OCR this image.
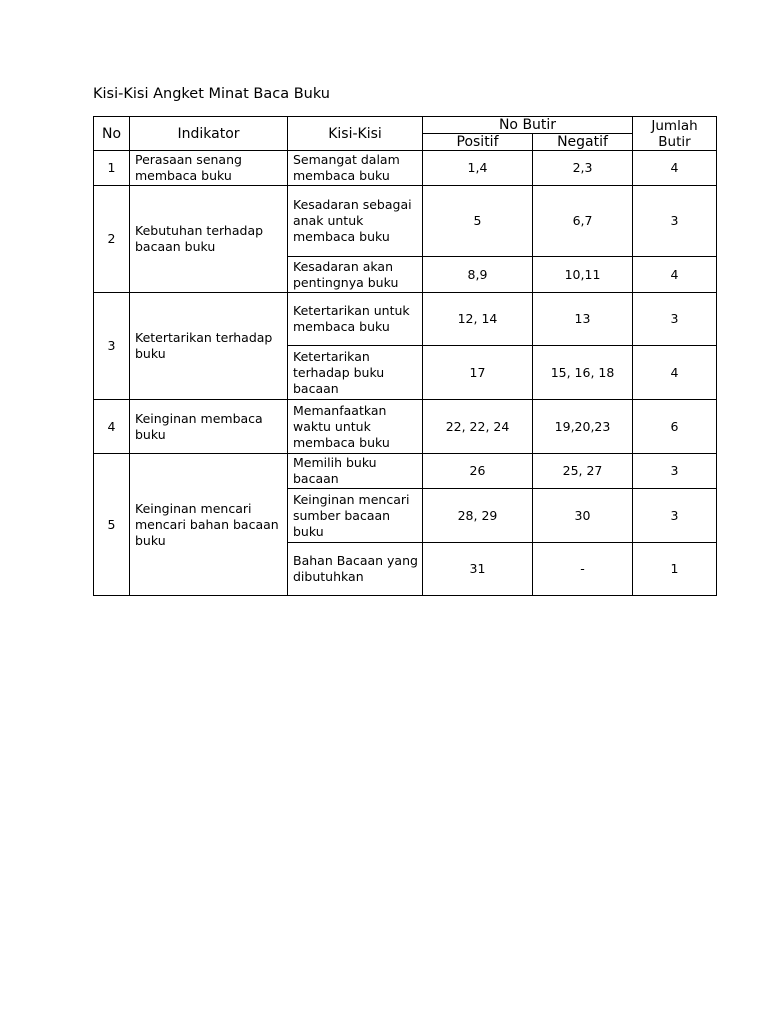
Kisi-Kisi Angket Minat Baca Buku
No	Indikator	Kisi-Kisi	No Butir		Jumlah Butir
			Positif	Negatif	
1	Perasaan senang membaca buku	Semangat dalam membaca buku	1,4	2,3	4
2	Kebutuhan terhadap bacaan buku	Kesadaran sebagai anak untuk membaca buku	5	6,7	3
		Kesadaran akan pentingnya buku	8,9	10,11	4
3	Ketertarikan terhadap buku	Ketertarikan untuk membaca buku	12, 14	13	3
		Ketertarikan terhadap buku bacaan	17	15, 16, 18	4
4	Keinginan membaca buku	Memanfaatkan waktu untuk membaca buku	22, 22, 24	19,20,23	6
5	Keinginan mencari mencari bahan bacaan buku	Memilih buku bacaan	26	25, 27	3
		Keinginan mencari sumber bacaan buku	28, 29	30	3
		Bahan Bacaan yang dibutuhkan	31	-	1
